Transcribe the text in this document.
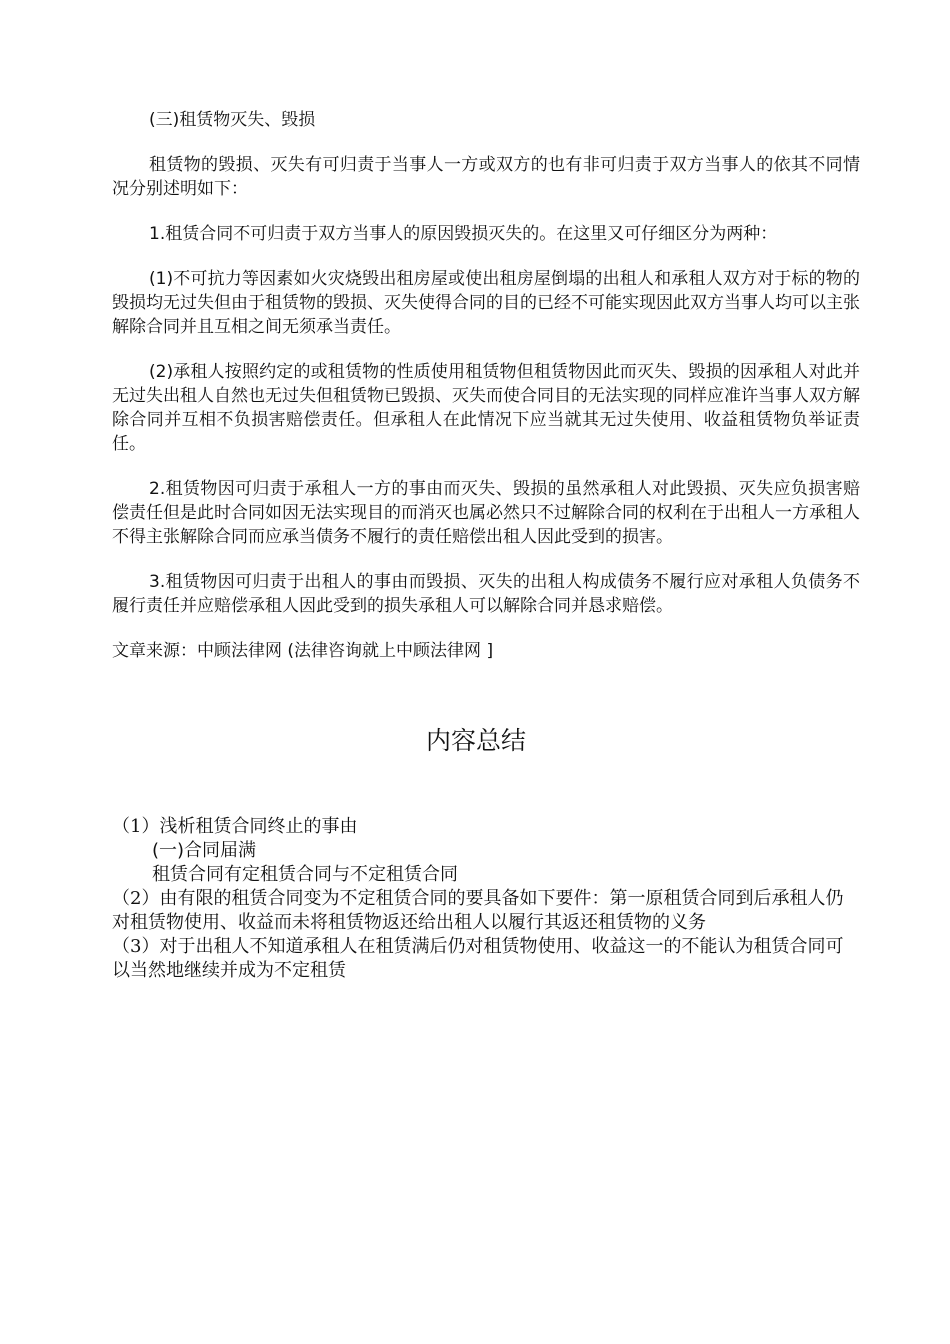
(三)租赁物灭失、毁损

租赁物的毁损、灭失有可归责于当事人一方或双方的也有非可归责于双方当事人的依其不同情况分别述明如下：

1.租赁合同不可归责于双方当事人的原因毁损灭失的。在这里又可仔细区分为两种：

(1)不可抗力等因素如火灾烧毁出租房屋或使出租房屋倒塌的出租人和承租人双方对于标的物的毁损均无过失但由于租赁物的毁损、灭失使得合同的目的已经不可能实现因此双方当事人均可以主张解除合同并且互相之间无须承当责任。

(2)承租人按照约定的或租赁物的性质使用租赁物但租赁物因此而灭失、毁损的因承租人对此并无过失出租人自然也无过失但租赁物已毁损、灭失而使合同目的无法实现的同样应准许当事人双方解除合同并互相不负损害赔偿责任。但承租人在此情况下应当就其无过失使用、收益租赁物负举证责任。

2.租赁物因可归责于承租人一方的事由而灭失、毁损的虽然承租人对此毁损、灭失应负损害赔偿责任但是此时合同如因无法实现目的而消灭也属必然只不过解除合同的权利在于出租人一方承租人不得主张解除合同而应承当债务不履行的责任赔偿出租人因此受到的损害。

3.租赁物因可归责于出租人的事由而毁损、灭失的出租人构成债务不履行应对承租人负债务不履行责任并应赔偿承租人因此受到的损失承租人可以解除合同并恳求赔偿。

文章来源：中顾法律网 (法律咨询就上中顾法律网 ]

内容总结

（1）浅析租赁合同终止的事由

(一)合同届满

租赁合同有定租赁合同与不定租赁合同

（2）由有限的租赁合同变为不定租赁合同的要具备如下要件：第一原租赁合同到后承租人仍对租赁物使用、收益而未将租赁物返还给出租人以履行其返还租赁物的义务

（3）对于出租人不知道承租人在租赁满后仍对租赁物使用、收益这一的不能认为租赁合同可以当然地继续并成为不定租赁
